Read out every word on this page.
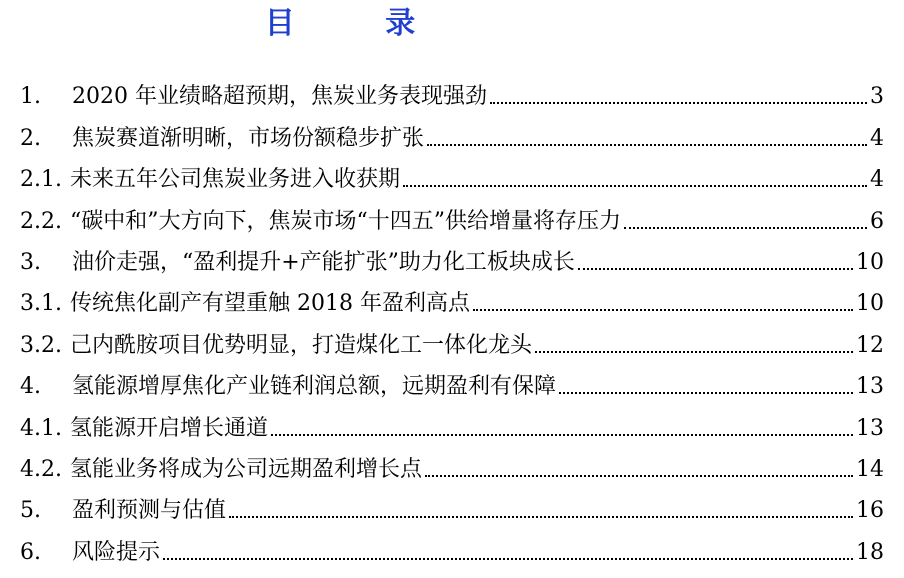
目 录
1.	2020 年业绩略超预期，焦炭业务表现强劲	3
2.	焦炭赛道渐明晰，市场份额稳步扩张	4
2.1. 未来五年公司焦炭业务进入收获期	4
2.2. “碳中和”大方向下，焦炭市场“十四五”供给增量将存压力	6
3.	油价走强，“盈利提升+产能扩张”助力化工板块成长	10
3.1. 传统焦化副产有望重触 2018 年盈利高点	10
3.2. 己内酰胺项目优势明显，打造煤化工一体化龙头	12
4.	氢能源增厚焦化产业链利润总额，远期盈利有保障	13
4.1. 氢能源开启增长通道	13
4.2. 氢能业务将成为公司远期盈利增长点	14
5.	盈利预测与估值	16
6.	风险提示	18
